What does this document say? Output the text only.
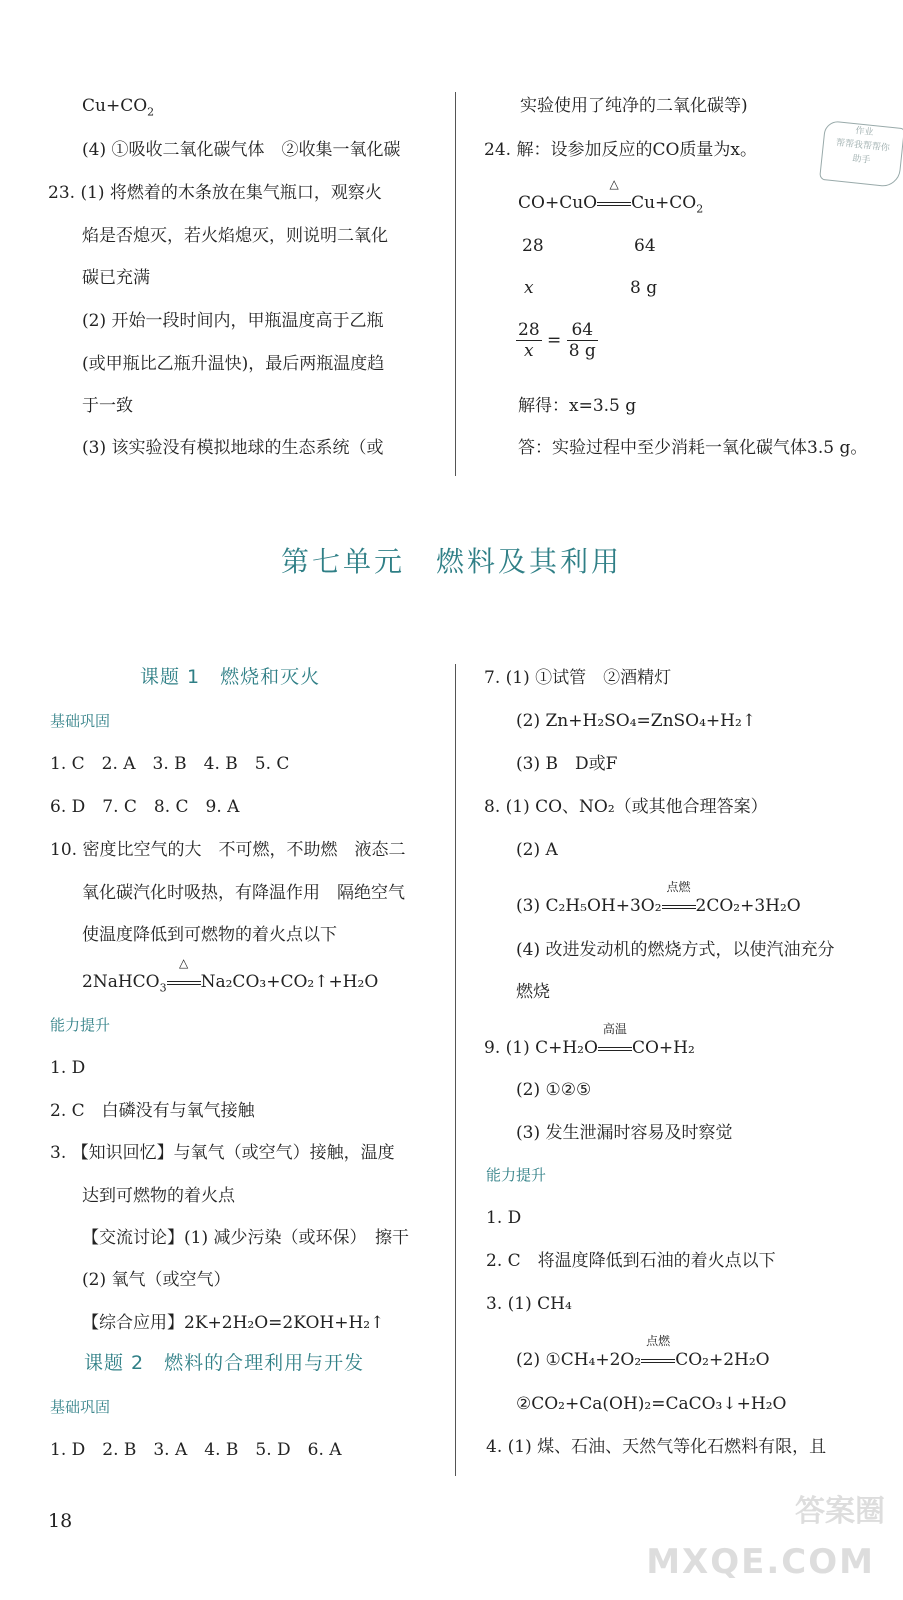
$Cu+CO_2$
(4) ①吸收二氧化碳气体　②收集一氧化碳
23. (1) 将燃着的木条放在集气瓶口，观察火
焰是否熄灭，若火焰熄灭，则说明二氧化
碳已充满
(2) 开始一段时间内，甲瓶温度高于乙瓶
(或甲瓶比乙瓶升温快)，最后两瓶温度趋
于一致
(3) 该实验没有模拟地球的生态系统（或
实验使用了纯净的二氧化碳等)
24. 解：设参加反应的CO质量为x。
CO+CuO
△
$Cu+CO_2$
28	64
x	8 g
$\frac{28}{x} = \frac{64}{8 g}$
解得：x=3.5 g
答：实验过程中至少消耗一氧化碳气体3.5 g。
作业
帮帮我帮帮你
助手
第七单元　燃料及其利用
课题 1　燃烧和灭火
基础巩固
1. C　2. A　3. B　4. B　5. C
6. D　7. C　8. C　9. A
10. 密度比空气的大　不可燃，不助燃　液态二
氧化碳汽化时吸热，有降温作用　隔绝空气
使温度降低到可燃物的着火点以下
2NaHCO$_3$
△
Na₂CO₃+CO₂↑+H₂O
能力提升
1. D
2. C　白磷没有与氧气接触
3. 【知识回忆】与氧气（或空气）接触，温度
达到可燃物的着火点
【交流讨论】(1) 减少污染（或环保）　擦干
(2) 氧气（或空气）
【综合应用】2K+2H₂O=2KOH+H₂↑
课题 2　燃料的合理利用与开发
基础巩固
1. D　2. B　3. A　4. B　5. D　6. A
7. (1) ①试管　②酒精灯
(2) Zn+H₂SO₄=ZnSO₄+H₂↑
(3) B　D或F
8. (1) CO、NO₂（或其他合理答案）
(2) A
(3) C₂H₅OH+3O₂
点燃
2CO₂+3H₂O
(4) 改进发动机的燃烧方式，以使汽油充分
燃烧
9. (1) C+H₂O
高温
CO+H₂
(2) ①②⑤
(3) 发生泄漏时容易及时察觉
能力提升
1. D
2. C　将温度降低到石油的着火点以下
3. (1) CH₄
(2) ①CH₄+2O₂
点燃
CO₂+2H₂O
②CO₂+Ca(OH)₂=CaCO₃↓+H₂O
4. (1) 煤、石油、天然气等化石燃料有限，且
18	答案圈
MXQE.COM
